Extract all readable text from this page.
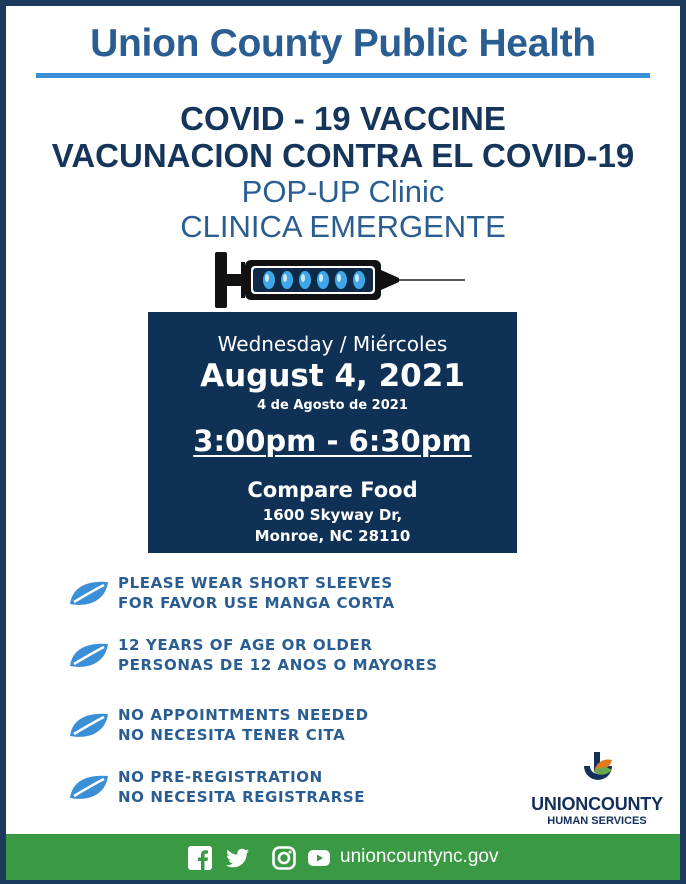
Union County Public Health
COVID - 19 VACCINE
VACUNACION CONTRA EL COVID-19
POP-UP Clinic
CLINICA EMERGENTE
Wednesday / Miércoles
August 4, 2021
4 de Agosto de 2021
3:00pm - 6:30pm
Compare Food
1600 Skyway Dr,
Monroe, NC 28110
PLEASE WEAR SHORT SLEEVES
FOR FAVOR USE MANGA CORTA
12 YEARS OF AGE OR OLDER
PERSONAS DE 12 ANOS O MAYORES
NO APPOINTMENTS NEEDED
NO NECESITA TENER CITA
NO PRE-REGISTRATION
NO NECESITA REGISTRARSE	UNIONCOUNTY
HUMAN SERVICES
unioncountync.gov
